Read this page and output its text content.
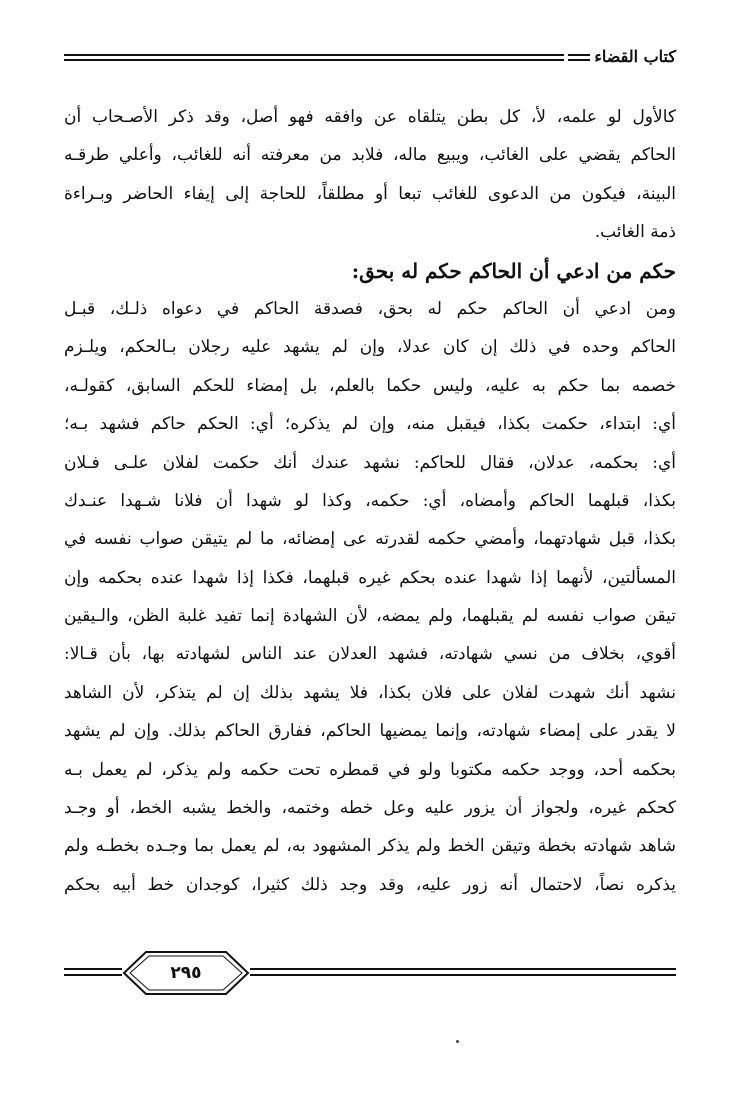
كتاب القضاء
كالأول لو علمه، لأ، كل بطن يتلقاه عن وافقه فهو أصل، وقد ذكر الأصـحاب أن
الحاكم يقضي على الغائب، ويبيع ماله، فلابد من معرفته أنه للغائب، وأعلي طرقـه
البينة، فيكون من الدعوى للغائب تبعا أو مطلقاً، للحاجة إلى إيفاء الحاضر وبـراءة
ذمة الغائب.
حكم من ادعي أن الحاكم حكم له بحق:
ومن ادعي أن الحاكم حكم له بحق، فصدقة الحاكم في دعواه ذلـك، قبـل
الحاكم وحده في ذلك إن كان عدلا، وإن لم يشهد عليه رجلان بـالحكم، ويلـزم
خصمه بما حكم به عليه، وليس حكما بالعلم، بل إمضاء للحكم السابق، كقولـه،
أي: ابتداء، حكمت بكذا، فيقبل منه، وإن لم يذكره؛ أي: الحكم حاكم فشهد بـه؛
أي: بحكمه، عدلان، فقال للحاكم: نشهد عندك أنك حكمت لفلان علـى فـلان
بكذا، قبلهما الحاكم وأمضاه، أي: حكمه، وكذا لو شهدا أن فلانا شـهدا عنـدك
بكذا، قبل شهادتهما، وأمضي حكمه لقدرته عى إمضائه، ما لم يتيقن صواب نفسه في
المسألتين، لأنهما إذا شهدا عنده بحكم غيره قبلهما، فكذا إذا شهدا عنده بحكمه وإن
تيقن صواب نفسه لم يقبلهما، ولم يمضه، لأن الشهادة إنما تفيد غلبة الظن، والـيقين
أقوي، بخلاف من نسي شهادته، فشهد العدلان عند الناس لشهادته بها، بأن قـالا:
نشهد أنك شهدت لفلان على فلان بكذا، فلا يشهد بذلك إن لم يتذكر، لأن الشاهد
لا يقدر على إمضاء شهادته، وإنما يمضيها الحاكم، ففارق الحاكم بذلك. وإن لم يشهد
بحكمه أحد، ووجد حكمه مكتوبا ولو في قمطره تحت حكمه ولم يذكر، لم يعمل بـه
كحكم غيره، ولجواز أن يزور عليه وعل خطه وختمه، والخط يشبه الخط، أو وجـد
شاهد شهادته بخطة وتيقن الخط ولم يذكر المشهود به، لم يعمل بما وجـده بخطـه ولم
يذكره نصاً، لاحتمال أنه زور عليه، وقد وجد ذلك كثيرا، كوجدان خط أبيه بحكم
٢٩٥
